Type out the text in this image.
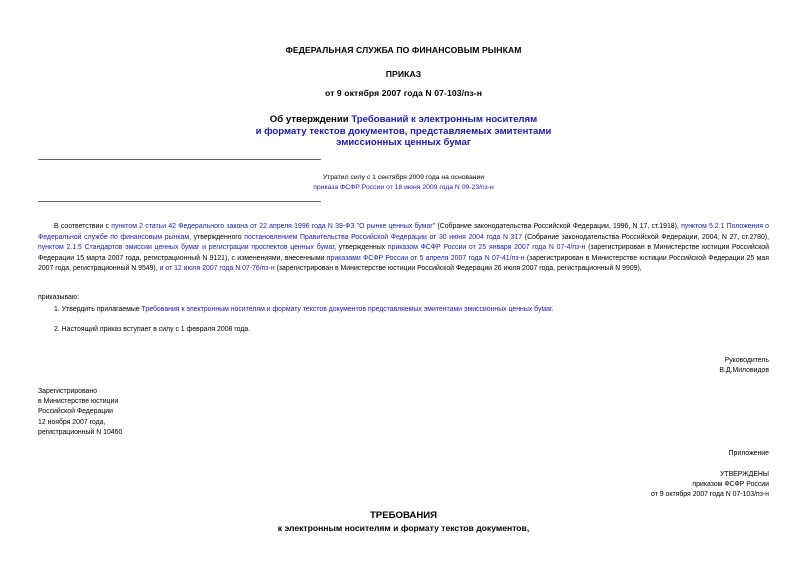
ФЕДЕРАЛЬНАЯ СЛУЖБА ПО ФИНАНСОВЫМ РЫНКАМ
ПРИКАЗ
от 9 октября 2007 года N 07-103/пз-н
Об утверждении Требований к электронным носителям
и формату текстов документов, представляемых эмитентами
эмиссионных ценных бумаг
Утратил силу с 1 сентября 2009 года на основании
приказа ФСФР России от 18 июня 2009 года N 09-23/пз-н
В соответствии с пунктом 2 статьи 42 Федерального закона от 22 апреля 1996 года N 39-ФЗ "О рынке ценных бумаг" (Собрание законодательства Российской Федерации, 1996, N 17, ст.1918), пунктом 5.2.1 Положения о Федеральной службе по финансовым рынкам, утвержденного постановлением Правительства Российской Федерации от 30 июня 2004 года N 317 (Собрание законодательства Российской Федерации, 2004, N 27, ст.2780), пунктом 2.1.5 Стандартов эмиссии ценных бумаг и регистрации проспектов ценных бумаг, утвержденных приказом ФСФР России от 25 января 2007 года N 07-4/пз-н (зарегистрирован в Министерстве юстиции Российской Федерации 15 марта 2007 года, регистрационный N 9121), с изменениями, внесенными приказами ФСФР России от 5 апреля 2007 года N 07-41/пз-н (зарегистрирован в Министерстве юстиции Российской Федерации 25 мая 2007 года, регистрационный N 9549), и от 12 июля 2007 года N 07-76/пз-н (зарегистрирован в Министерстве юстиции Российской Федерации 26 июля 2007 года, регистрационный N 9909),
приказываю:
1. Утвердить прилагаемые Требования к электронным носителям и формату текстов документов представляемых эмитентами эмиссионных ценных бумаг.
2. Настоящий приказ вступает в силу с 1 февраля 2008 года.
Руководитель
В.Д.Миловидов
Зарегистрировано
в Министерстве юстиции
Российской Федерации
12 ноября 2007 года,
регистрационный N 10460
Приложение
УТВЕРЖДЕНЫ
приказом ФСФР России
от 9 октября 2007 года N 07-103/пз-н
ТРЕБОВАНИЯ
к электронным носителям и формату текстов документов,
